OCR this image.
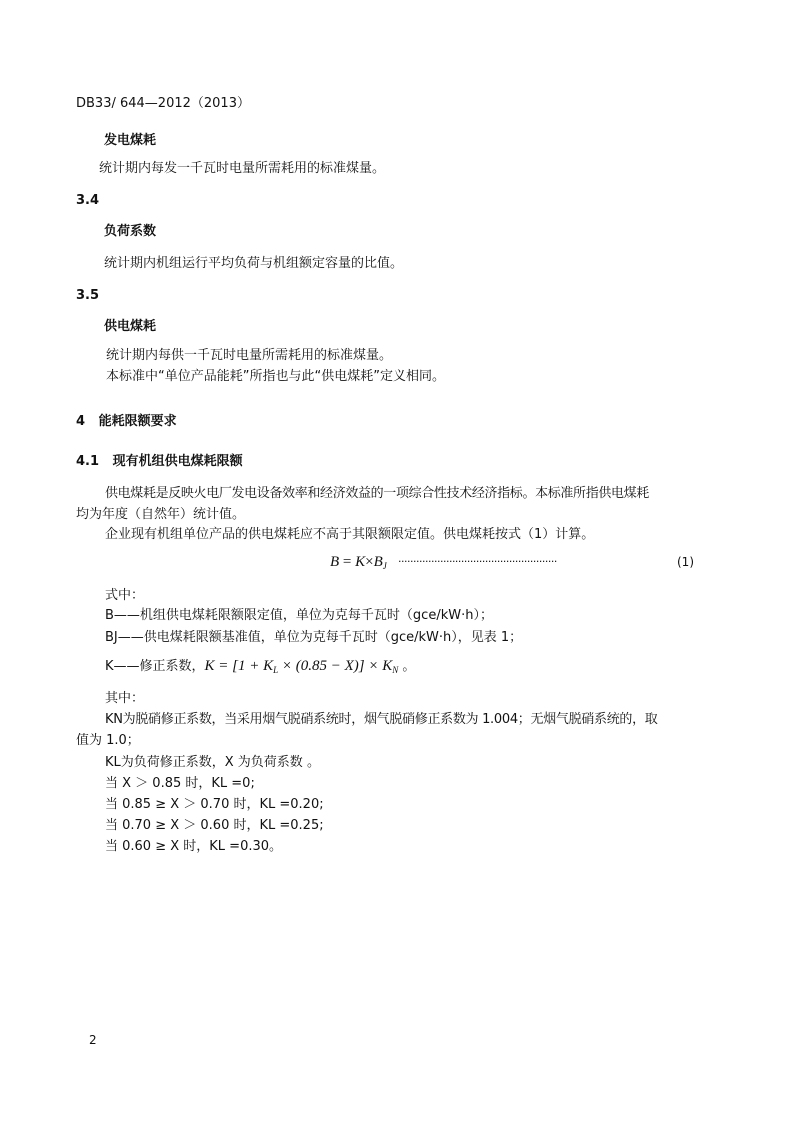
DB33/ 644—2012（2013）
发电煤耗
统计期内每发一千瓦时电量所需耗用的标准煤量。
3.4
负荷系数
统计期内机组运行平均负荷与机组额定容量的比值。
3.5
供电煤耗
统计期内每供一千瓦时电量所需耗用的标准煤量。
本标准中“单位产品能耗”所指也与此“供电煤耗”定义相同。
4   能耗限额要求
4.1   现有机组供电煤耗限额
供电煤耗是反映火电厂发电设备效率和经济效益的一项综合性技术经济指标。本标准所指供电煤耗
均为年度（自然年）统计值。
企业现有机组单位产品的供电煤耗应不高于其限额限定值。供电煤耗按式（1）计算。
$B = K\times B_J$ ·····················································	(1)
式中：
B——机组供电煤耗限额限定值，单位为克每千瓦时（gce/kW·h）；
BJ——供电煤耗限额基准值，单位为克每千瓦时（gce/kW·h），见表 1；
K——修正系数，$K = [1 + K_L \times (0.85 - X)] \times K_N$ 。
其中：
KN为脱硝修正系数，当采用烟气脱硝系统时，烟气脱硝修正系数为 1.004；无烟气脱硝系统的，取
值为 1.0；
KL为负荷修正系数，X 为负荷系数 。
当 X ＞ 0.85 时，KL =0;
当 0.85 ≥ X ＞ 0.70 时，KL =0.20;
当 0.70 ≥ X ＞ 0.60 时，KL =0.25;
当 0.60 ≥ X 时，KL =0.30。
2
